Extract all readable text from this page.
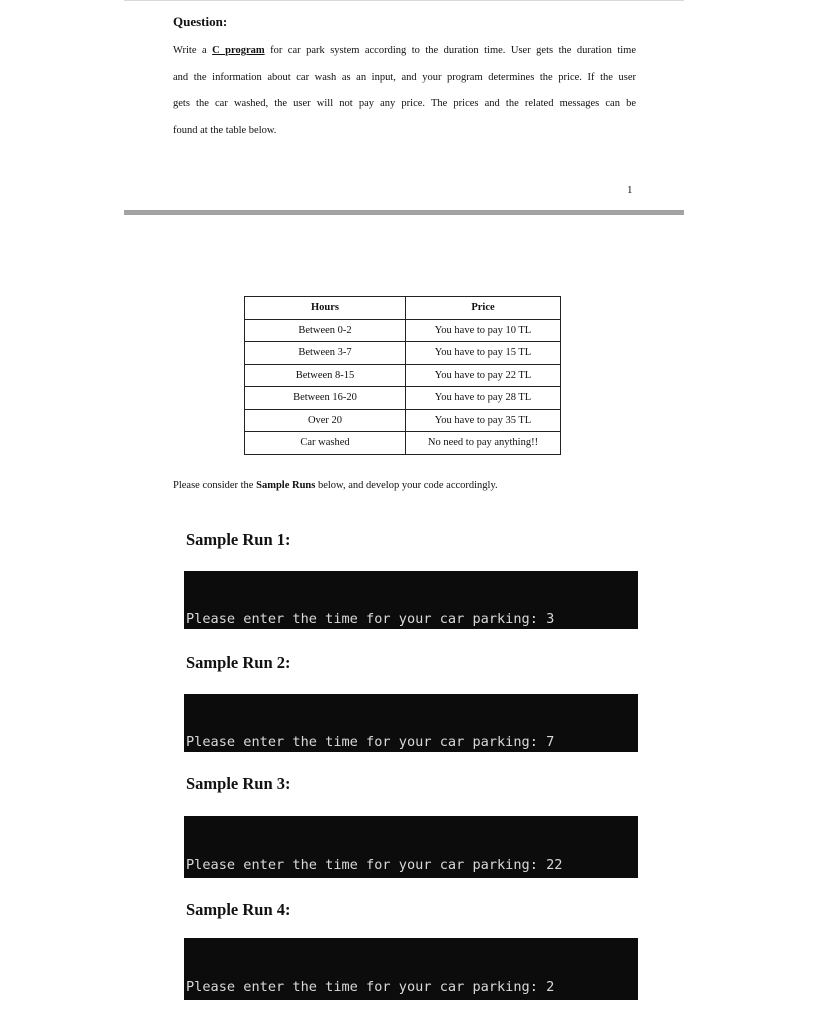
Question:
Write a C program for car park system according to the duration time. User gets the duration time
and the information about car wash as an input, and your program determines the price. If the user
gets the car washed, the user will not pay any price. The prices and the related messages can be
found at the table below.
1
Hours	Price
Between 0-2	You have to pay 10 TL
Between 3-7	You have to pay 15 TL
Between 8-15	You have to pay 22 TL
Between 16-20	You have to pay 28 TL
Over 20	You have to pay 35 TL
Car washed	No need to pay anything!!
Please consider the Sample Runs below, and develop your code accordingly.
Sample Run 1:

Please enter the time for your car parking: 3

Sample Run 2:

Please enter the time for your car parking: 7

Sample Run 3:

Please enter the time for your car parking: 22

Sample Run 4:

Please enter the time for your car parking: 2
